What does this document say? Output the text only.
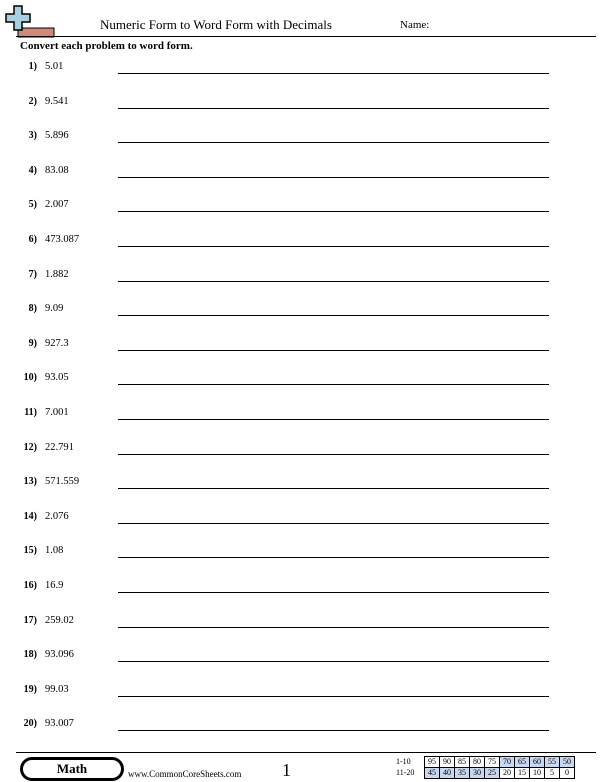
Numeric Form to Word Form with Decimals	Name:
Convert each problem to word form.
1) 5.01
2) 9.541
3) 5.896
4) 83.08
5) 2.007
6) 473.087
7) 1.882
8) 9.09
9) 927.3
10) 93.05
11) 7.001
12) 22.791
13) 571.559
14) 2.076
15) 1.08
16) 16.9
17) 259.02
18) 93.096
19) 99.03
20) 93.007
Math	www.CommonCoreSheets.com 1	1-10	95	90	85	80	75	70	65	60	55	50
11-20	45	40	35	30	25	20	15	10	5	0
